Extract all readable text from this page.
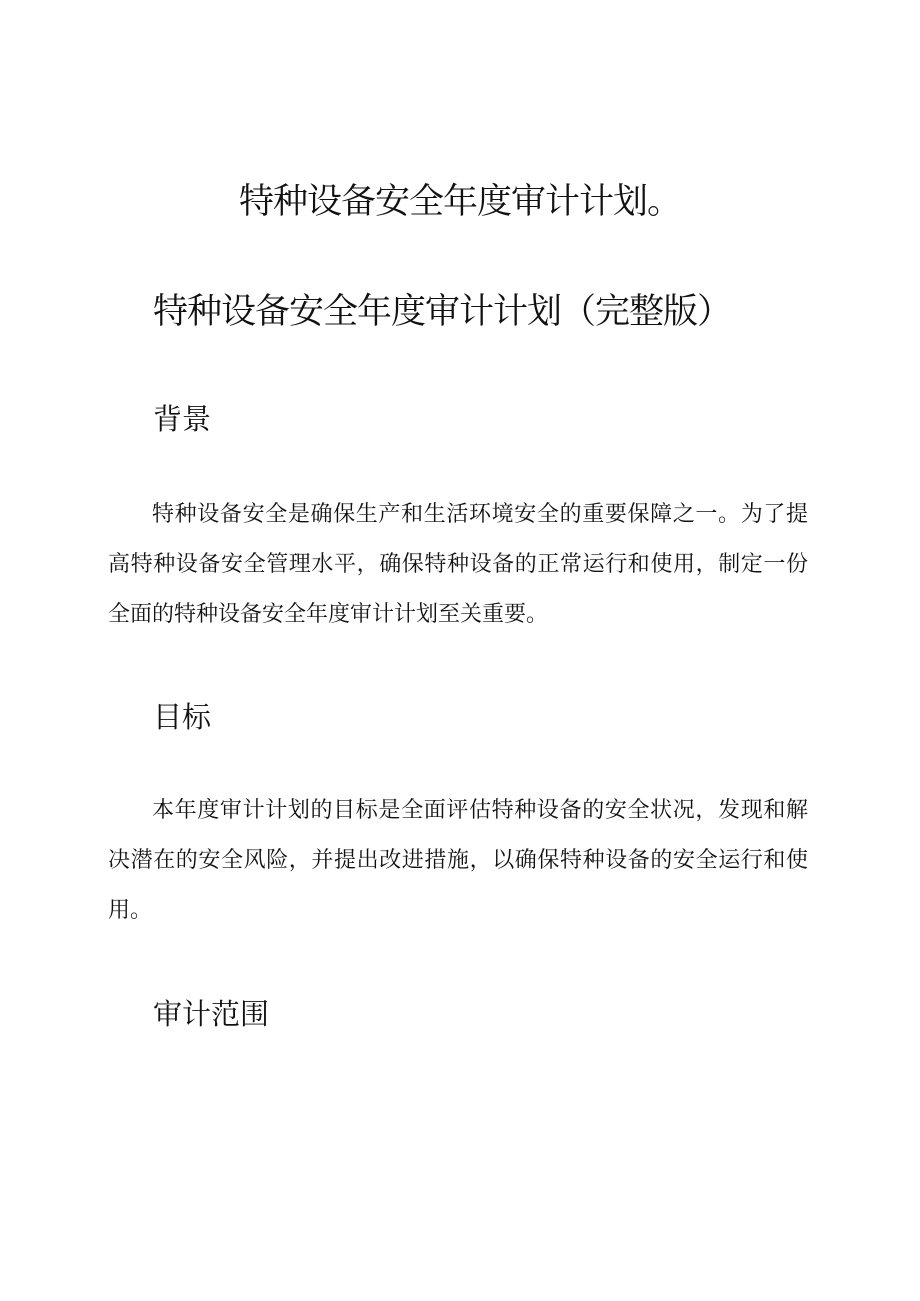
特种设备安全年度审计计划。
特种设备安全年度审计计划（完整版）
背景

特种设备安全是确保生产和生活环境安全的重要保障之一。为了提高特种设备安全管理水平，确保特种设备的正常运行和使用，制定一份全面的特种设备安全年度审计计划至关重要。

目标

本年度审计计划的目标是全面评估特种设备的安全状况，发现和解决潜在的安全风险，并提出改进措施，以确保特种设备的安全运行和使用。

审计范围
